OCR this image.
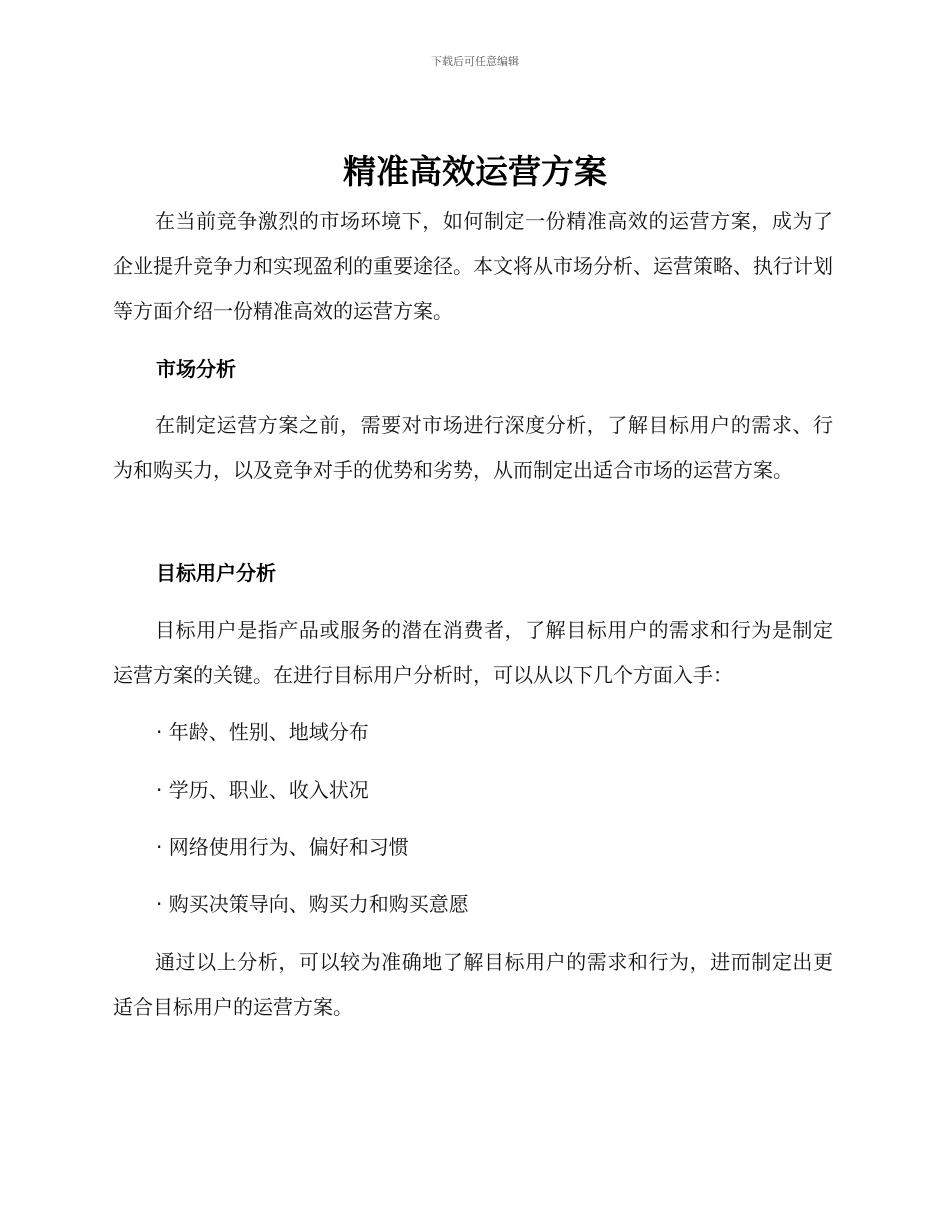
下载后可任意编辑
精准高效运营方案

在当前竞争激烈的市场环境下，如何制定一份精准高效的运营方案，成为了企业提升竞争力和实现盈利的重要途径。本文将从市场分析、运营策略、执行计划等方面介绍一份精准高效的运营方案。

市场分析

在制定运营方案之前，需要对市场进行深度分析，了解目标用户的需求、行为和购买力，以及竞争对手的优势和劣势，从而制定出适合市场的运营方案。

目标用户分析

目标用户是指产品或服务的潜在消费者，了解目标用户的需求和行为是制定运营方案的关键。在进行目标用户分析时，可以从以下几个方面入手：

· 年龄、性别、地域分布

· 学历、职业、收入状况

· 网络使用行为、偏好和习惯

· 购买决策导向、购买力和购买意愿

通过以上分析，可以较为准确地了解目标用户的需求和行为，进而制定出更适合目标用户的运营方案。
